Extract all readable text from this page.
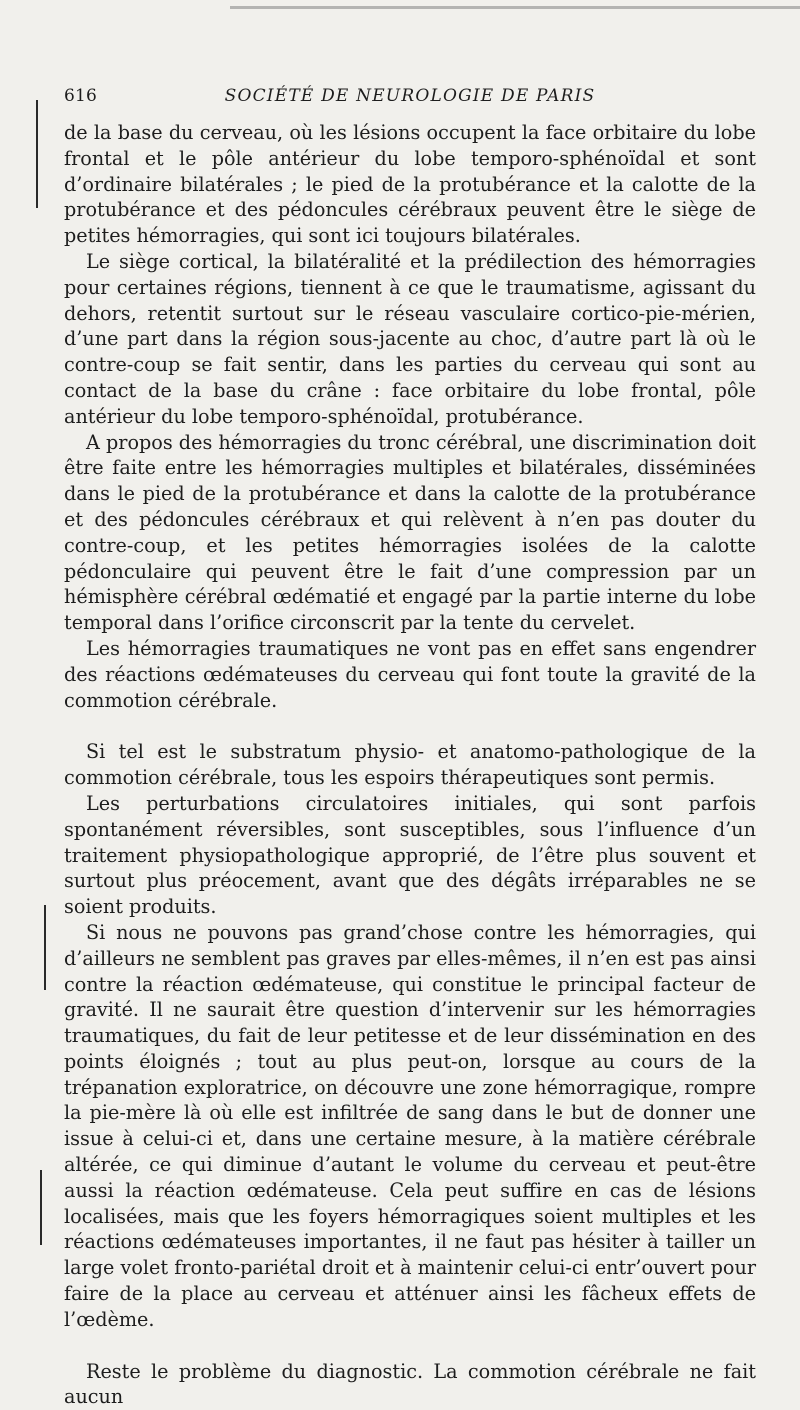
616	SOCIÉTÉ DE NEUROLOGIE DE PARIS

de la base du cerveau, où les lésions occupent la face orbitaire du lobe frontal et le pôle antérieur du lobe temporo-sphénoïdal et sont d’ordinaire bilatérales ; le pied de la protubérance et la calotte de la protubérance et des pédoncules cérébraux peuvent être le siège de petites hémorragies, qui sont ici toujours bilatérales.

Le siège cortical, la bilatéralité et la prédilection des hémorragies pour certaines régions, tiennent à ce que le traumatisme, agissant du dehors, retentit surtout sur le réseau vasculaire cortico-pie-mérien, d’une part dans la région sous-jacente au choc, d’autre part là où le contre-coup se fait sentir, dans les parties du cerveau qui sont au contact de la base du crâne : face orbitaire du lobe frontal, pôle antérieur du lobe temporo-sphénoïdal, protubérance.

A propos des hémorragies du tronc cérébral, une discrimination doit être faite entre les hémorragies multiples et bilatérales, disséminées dans le pied de la protubérance et dans la calotte de la protubérance et des pédoncules cérébraux et qui relèvent à n’en pas douter du contre-coup, et les petites hémorragies isolées de la calotte pédonculaire qui peuvent être le fait d’une compression par un hémisphère cérébral œdématié et engagé par la partie interne du lobe temporal dans l’orifice circonscrit par la tente du cervelet.

Les hémorragies traumatiques ne vont pas en effet sans engendrer des réactions œdémateuses du cerveau qui font toute la gravité de la commotion cérébrale.

Si tel est le substratum physio- et anatomo-pathologique de la commotion cérébrale, tous les espoirs thérapeutiques sont permis.

Les perturbations circulatoires initiales, qui sont parfois spontanément réversibles, sont susceptibles, sous l’influence d’un traitement physiopathologique approprié, de l’être plus souvent et surtout plus préocement, avant que des dégâts irréparables ne se soient produits.

Si nous ne pouvons pas grand’chose contre les hémorragies, qui d’ailleurs ne semblent pas graves par elles-mêmes, il n’en est pas ainsi contre la réaction œdémateuse, qui constitue le principal facteur de gravité. Il ne saurait être question d’intervenir sur les hémorragies traumatiques, du fait de leur petitesse et de leur dissémination en des points éloignés ; tout au plus peut-on, lorsque au cours de la trépanation exploratrice, on découvre une zone hémorragique, rompre la pie-mère là où elle est infiltrée de sang dans le but de donner une issue à celui-ci et, dans une certaine mesure, à la matière cérébrale altérée, ce qui diminue d’autant le volume du cerveau et peut-être aussi la réaction œdémateuse. Cela peut suffire en cas de lésions localisées, mais que les foyers hémorragiques soient multiples et les réactions œdémateuses importantes, il ne faut pas hésiter à tailler un large volet fronto-pariétal droit et à maintenir celui-ci entr’ouvert pour faire de la place au cerveau et atténuer ainsi les fâcheux effets de l’œdème.

Reste le problème du diagnostic. La commotion cérébrale ne fait aucun
